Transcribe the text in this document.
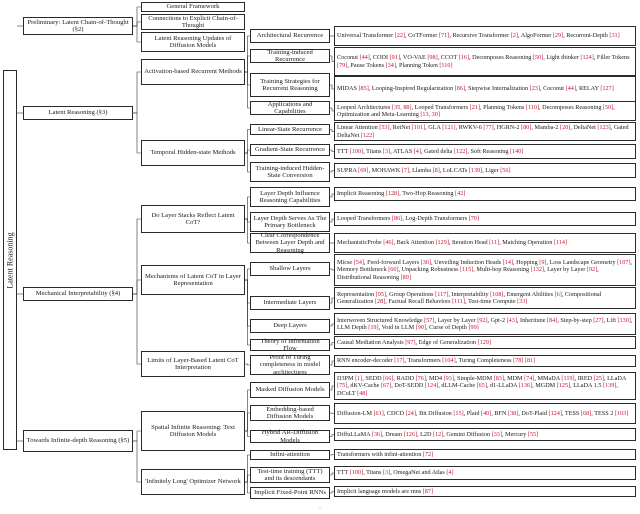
Latent Reasoning
Preliminary: Latent Chain-of-Thought (§2)
General Framework
Connections to Explicit Chain-of-Thought
Latent Reasoning Updates of Diffusion Models
Latent Reasoning (§3)
Activation-based Recurrent Methods
Architectural Recurrence Universal Transformer [22], CoTFormer [71], Recursive Transformer [2], AlgoFormer [29], Recurrent-Depth [31]
Training-induced Recurrence	Coconut [44], CODI [91], VO-VAE [98], CCOT [16], Decomposes Reasoning [50], Light thinker [124], Filler Tokens [79], Pause Tokens [34], Planning Token [110]
Training Strategies for Recurrent Reasoning	MIDAS [85], Looping-Inspired Regularization [86], Stepwise Internalization [23], Coconut [44], RELAY [127]
Applications and Capabilities
Looped Architectures [35, 88], Looped Transformers [21], Planning Tokens [110], Decomposes Reasoning [50], Optimization and Meta-Learning [13, 30]
Temporal Hidden-state Methods
Linear-State Recurrence Linear Attention [53], RetNet [101], GLA [121], RWKV-6 [77], HGRN-2 [80], Mamba-2 [20], DeltaNet [123], Gated DeltaNet [122]
Gradient-State Recurrence TTT [100], Titans [3], ATLAS [4], Gated delta [122], Soft Reasoning [140]
Training-induced Hidden-State Conversion
SUPRA [69], MOHAWK [7], Llamba [8], LoLCATs [139], Liger [56]
Mechanical Interpretability (§4)
Do Layer Stacks Reflect Latent CoT?
Layer Depth Influence Reasoning Capabilities
Implicit Reasoning [128], Two-Hop Reasoning [42]
Layer Depth Serves As The Primary Bottleneck
Looped Transformers [86], Log-Depth Transformers [70]
Clear Correspondence Between Layer Depth and Reasoning
MechanisticProbe [46], Back Attention [129], Iteration Head [11], Matching Operation [114]
Mechanisms of Latent CoT in Layer Representation
Shallow Layers
Micse [54], Feed-forward Layers [36], Unveiling Induction Heads [14], Hopping [9], Loss Landscape Geometry [107], Memory Bottleneck [60], Unpacking Robustness [115], Multi-hop Reasoning [132], Layer by Layer [92], Distributional Reasoning [89]
Intermediate Layers
Representation [95], Group Operations [117], Interpretability [108], Emergent Abilities [6], Compositional Generalization [28], Factual Recall Behaviors [111], Test-time Compute [33]
Deep Layers
Interwoven Structured Knowledge [57], Layer by Layer [92], Gpt-2 [43], Inheritune [84], Step-by-step [27], Lift [130], LLM Depth [19], Void in LLM [90], Curse of Depth [99]
Theory of Information Flow
Causal Mediation Analysis [97], Edge of Generalization [129]
Limits of Layer-Based Latent CoT Interpretation
Proof of Turing completeness in model architectures
RNN encoder-decoder [17], Transformers [104], Turing Completeness [78] [81]
Towards Infinite-depth Reasoning (§5)
Spatial Infinite Reasoning: Text Diffusion Models
Masked Diffusion Models
D3PM [1], SEDD [66], RADD [76], MD4 [93], Simple-MDM [83], MDM [74], MMaDA [119], IRED [25], LLaDA [75], dKV-Cache [67], DoT-SEDD [124], dLLM-Cache [65], d1-LLaDA [136], MGDM [125], LLaDA 1.5 [139], DCoLT [48]
Embedding-based Diffusion Models	Diffusion-LM [61], CDCD [24], Bit Diffusion [15], Plaid [40], BFN [38], DoT-Plaid [124], TESS [68], TESS 2 [103]
Hybrid AR-Diffusion Models
DiffuLLaMA [36], Dream [126], L2D [12], Gemini Diffusion [33], Mercury [55]
'Infinitely Long' Optimizer Network
Infini-attention	Transformers with infini-attention [72]
Test-time training (TTT) and its descendants
TTT [100], Titans [3], OmegaNet and Atlas [4]
Implicit Fixed-Point RNNs Implicit language models are rnns [87]
·
